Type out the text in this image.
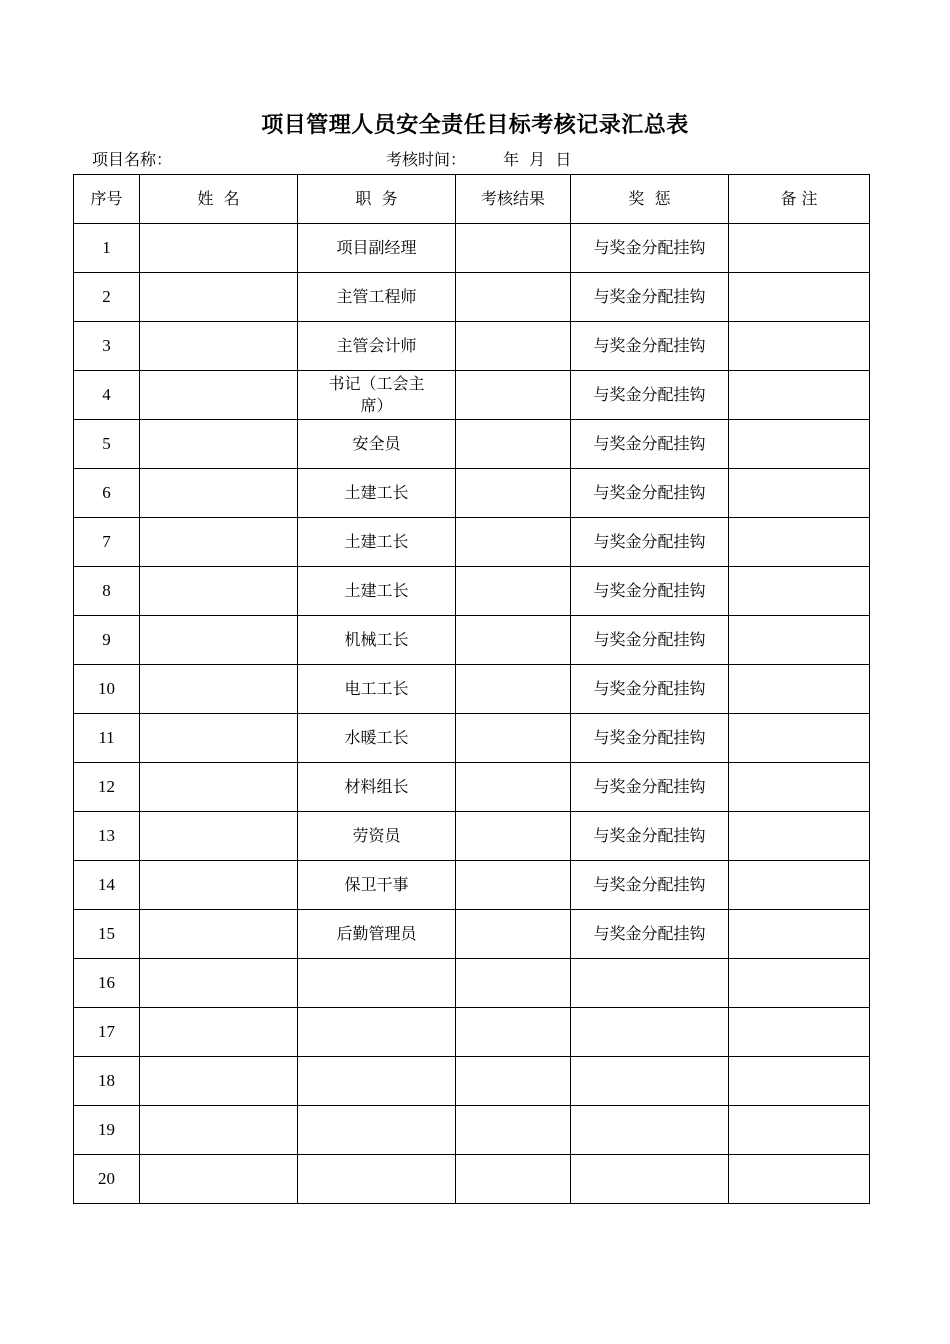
项目管理人员安全责任目标考核记录汇总表
项目名称：	考核时间： 年  月  日
序号	姓  名	职  务	考核结果	奖  惩	备 注
1		项目副经理		与奖金分配挂钩	
2		主管工程师		与奖金分配挂钩	
3		主管会计师		与奖金分配挂钩	
4		书记（工会主席）		与奖金分配挂钩	
5		安全员		与奖金分配挂钩	
6		土建工长		与奖金分配挂钩	
7		土建工长		与奖金分配挂钩	
8		土建工长		与奖金分配挂钩	
9		机械工长		与奖金分配挂钩	
10		电工工长		与奖金分配挂钩	
11		水暖工长		与奖金分配挂钩	
12		材料组长		与奖金分配挂钩	
13		劳资员		与奖金分配挂钩	
14		保卫干事		与奖金分配挂钩	
15		后勤管理员		与奖金分配挂钩	
16					
17					
18					
19					
20					
